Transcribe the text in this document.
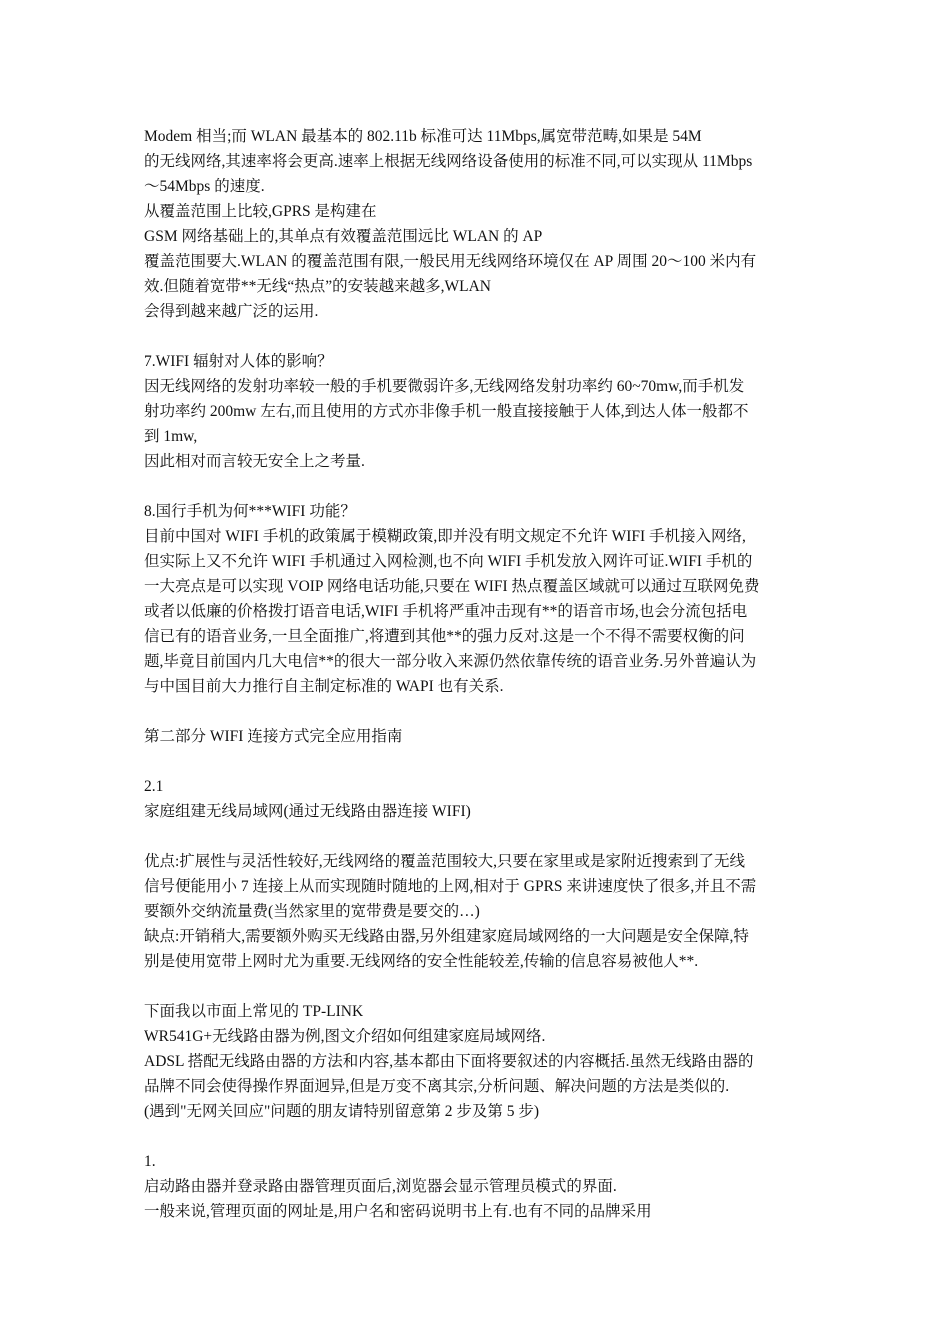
Modem 相当;而 WLAN 最基本的 802.11b 标准可达 11Mbps,属宽带范畴,如果是 54M
的无线网络,其速率将会更高.速率上根据无线网络设备使用的标准不同,可以实现从 11Mbps
～54Mbps 的速度.
从覆盖范围上比较,GPRS 是构建在
GSM 网络基础上的,其单点有效覆盖范围远比 WLAN 的 AP
覆盖范围要大.WLAN 的覆盖范围有限,一般民用无线网络环境仅在 AP 周围 20～100 米内有
效.但随着宽带**无线“热点”的安装越来越多,WLAN
会得到越来越广泛的运用.
7.WIFI 辐射对人体的影响？
因无线网络的发射功率较一般的手机要微弱许多,无线网络发射功率约 60~70mw,而手机发
射功率约 200mw 左右,而且使用的方式亦非像手机一般直接接触于人体,到达人体一般都不
到 1mw,
因此相对而言较无安全上之考量.
8.国行手机为何***WIFI 功能？
目前中国对 WIFI 手机的政策属于模糊政策,即并没有明文规定不允许 WIFI 手机接入网络,
但实际上又不允许 WIFI 手机通过入网检测,也不向 WIFI 手机发放入网许可证.WIFI 手机的
一大亮点是可以实现 VOIP 网络电话功能,只要在 WIFI 热点覆盖区域就可以通过互联网免费
或者以低廉的价格拨打语音电话,WIFI 手机将严重冲击现有**的语音市场,也会分流包括电
信已有的语音业务,一旦全面推广,将遭到其他**的强力反对.这是一个不得不需要权衡的问
题,毕竟目前国内几大电信**的很大一部分收入来源仍然依靠传统的语音业务.另外普遍认为
与中国目前大力推行自主制定标准的 WAPI 也有关系.
第二部分 WIFI 连接方式完全应用指南
2.1
家庭组建无线局域网(通过无线路由器连接 WIFI)
优点:扩展性与灵活性较好,无线网络的覆盖范围较大,只要在家里或是家附近搜索到了无线
信号便能用小 7 连接上从而实现随时随地的上网,相对于 GPRS 来讲速度快了很多,并且不需
要额外交纳流量费(当然家里的宽带费是要交的…)
缺点:开销稍大,需要额外购买无线路由器,另外组建家庭局域网络的一大问题是安全保障,特
别是使用宽带上网时尤为重要.无线网络的安全性能较差,传输的信息容易被他人**.
下面我以市面上常见的 TP-LINK
WR541G+无线路由器为例,图文介绍如何组建家庭局域网络.
ADSL 搭配无线路由器的方法和内容,基本都由下面将要叙述的内容概括.虽然无线路由器的
品牌不同会使得操作界面迥异,但是万变不离其宗,分析问题、解决问题的方法是类似的.
(遇到"无网关回应"问题的朋友请特别留意第 2 步及第 5 步)
1.
启动路由器并登录路由器管理页面后,浏览器会显示管理员模式的界面.
一般来说,管理页面的网址是,用户名和密码说明书上有.也有不同的品牌采用
